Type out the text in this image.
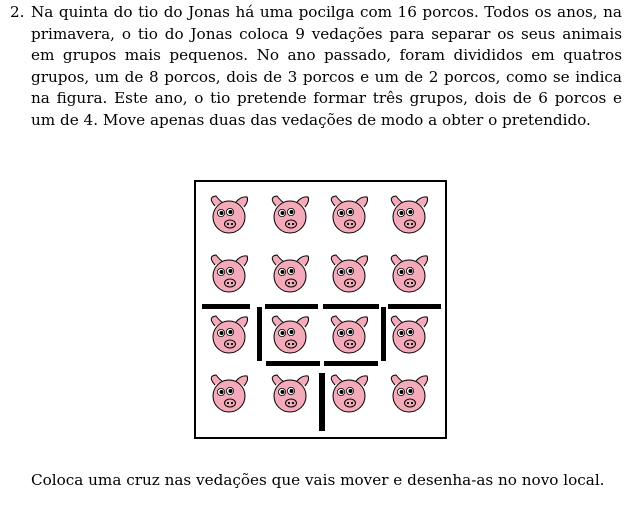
2. Na quinta do tio do Jonas há uma pocilga com 16 porcos. Todos os anos, na primavera, o tio do Jonas coloca 9 vedações para separar os seus animais em grupos mais pequenos. No ano passado, foram divididos em quatros grupos, um de 8 porcos, dois de 3 porcos e um de 2 porcos, como se indica na figura. Este ano, o tio pretende formar três grupos, dois de 6 porcos e um de 4. Move apenas duas das vedações de modo a obter o pretendido.
Coloca uma cruz nas vedações que vais mover e desenha-as no novo local.
